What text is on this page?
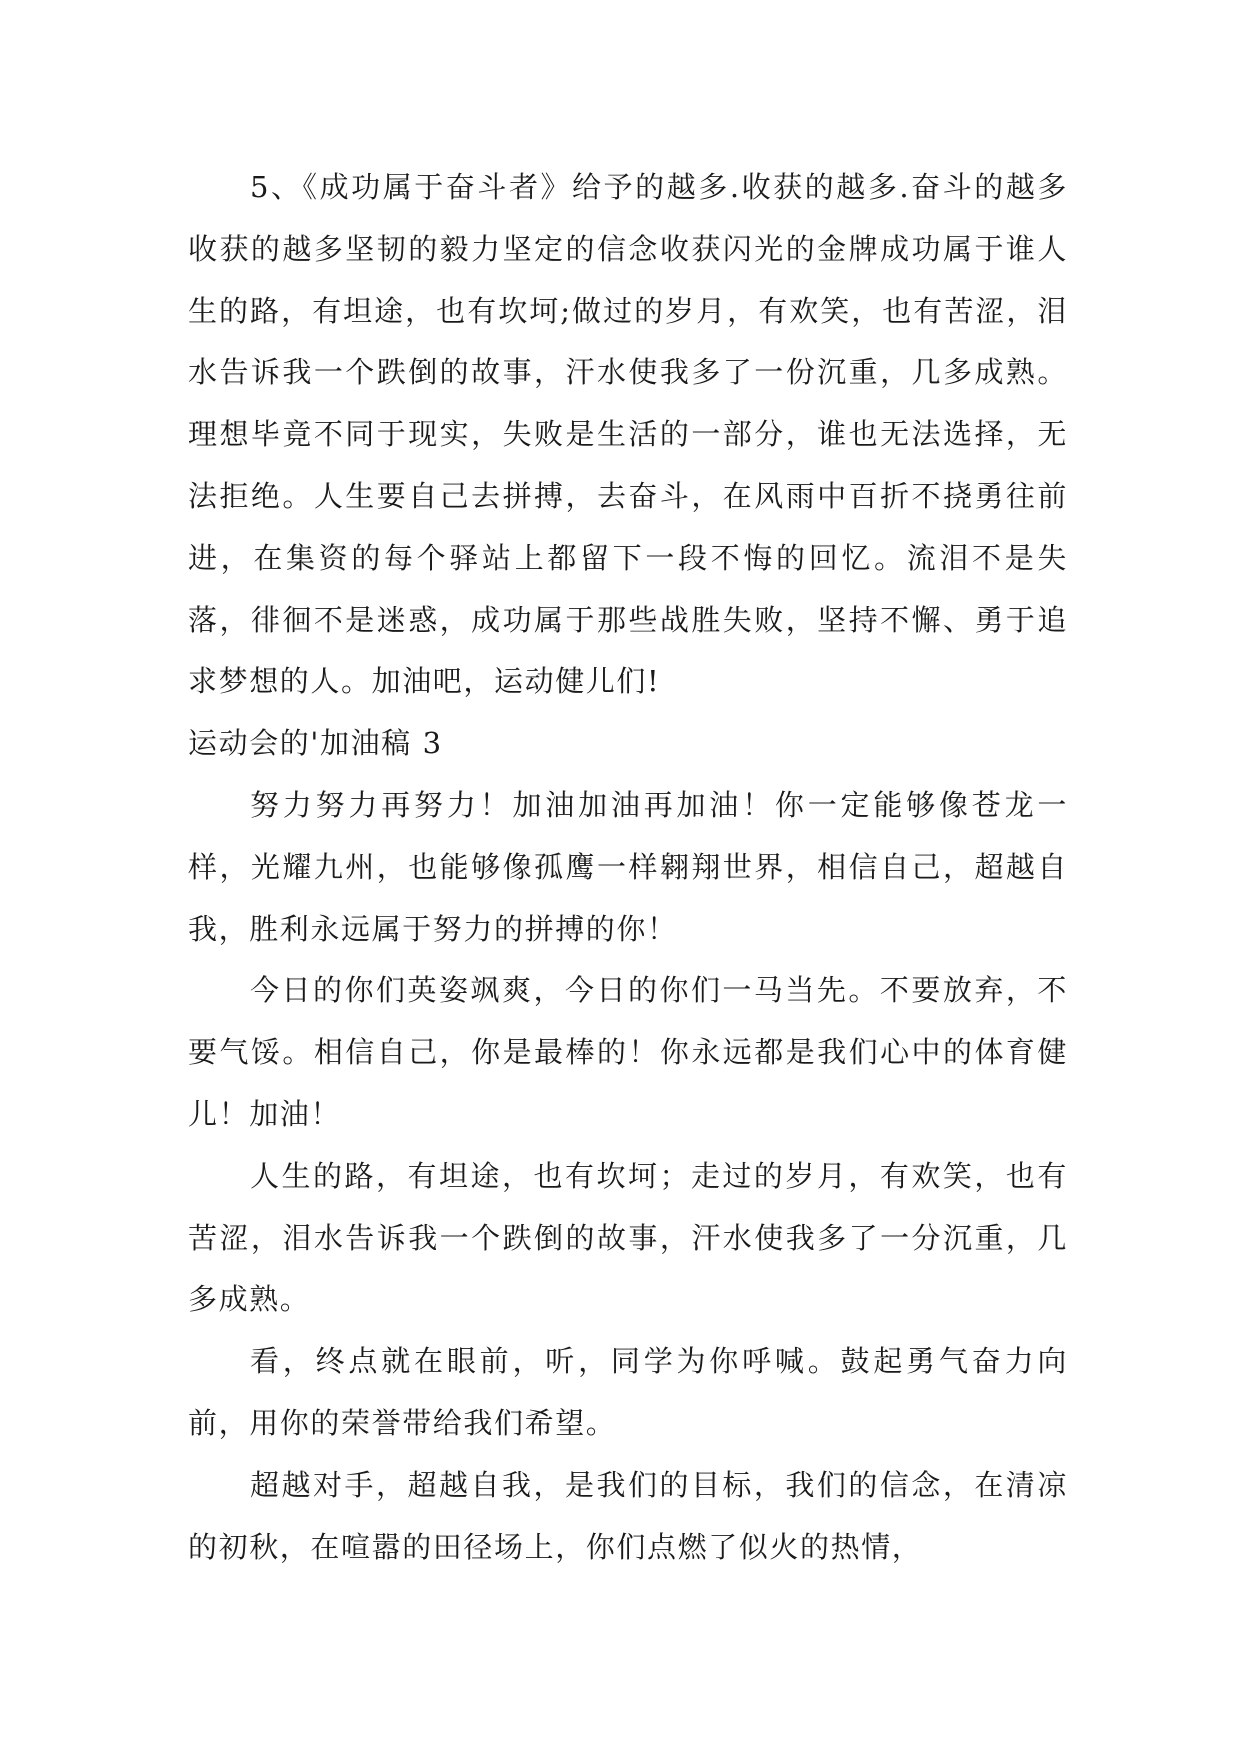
5、《成功属于奋斗者》给予的越多.收获的越多.奋斗的越多收获的越多坚韧的毅力坚定的信念收获闪光的金牌成功属于谁人生的路，有坦途，也有坎坷;做过的岁月，有欢笑，也有苦涩，泪水告诉我一个跌倒的故事，汗水使我多了一份沉重，几多成熟。理想毕竟不同于现实，失败是生活的一部分，谁也无法选择，无法拒绝。人生要自己去拼搏，去奋斗，在风雨中百折不挠勇往前进，在集资的每个驿站上都留下一段不悔的回忆。流泪不是失落，徘徊不是迷惑，成功属于那些战胜失败，坚持不懈、勇于追求梦想的人。加油吧，运动健儿们!

运动会的'加油稿 3

努力努力再努力！加油加油再加油！你一定能够像苍龙一样，光耀九州，也能够像孤鹰一样翱翔世界，相信自己，超越自我，胜利永远属于努力的拼搏的你！

今日的你们英姿飒爽，今日的你们一马当先。不要放弃，不要气馁。相信自己，你是最棒的！你永远都是我们心中的体育健儿！加油！

人生的路，有坦途，也有坎坷；走过的岁月，有欢笑，也有苦涩，泪水告诉我一个跌倒的故事，汗水使我多了一分沉重，几多成熟。

看，终点就在眼前，听，同学为你呼喊。鼓起勇气奋力向前，用你的荣誉带给我们希望。

超越对手，超越自我，是我们的目标，我们的信念，在清凉的初秋，在喧嚣的田径场上，你们点燃了似火的热情，
